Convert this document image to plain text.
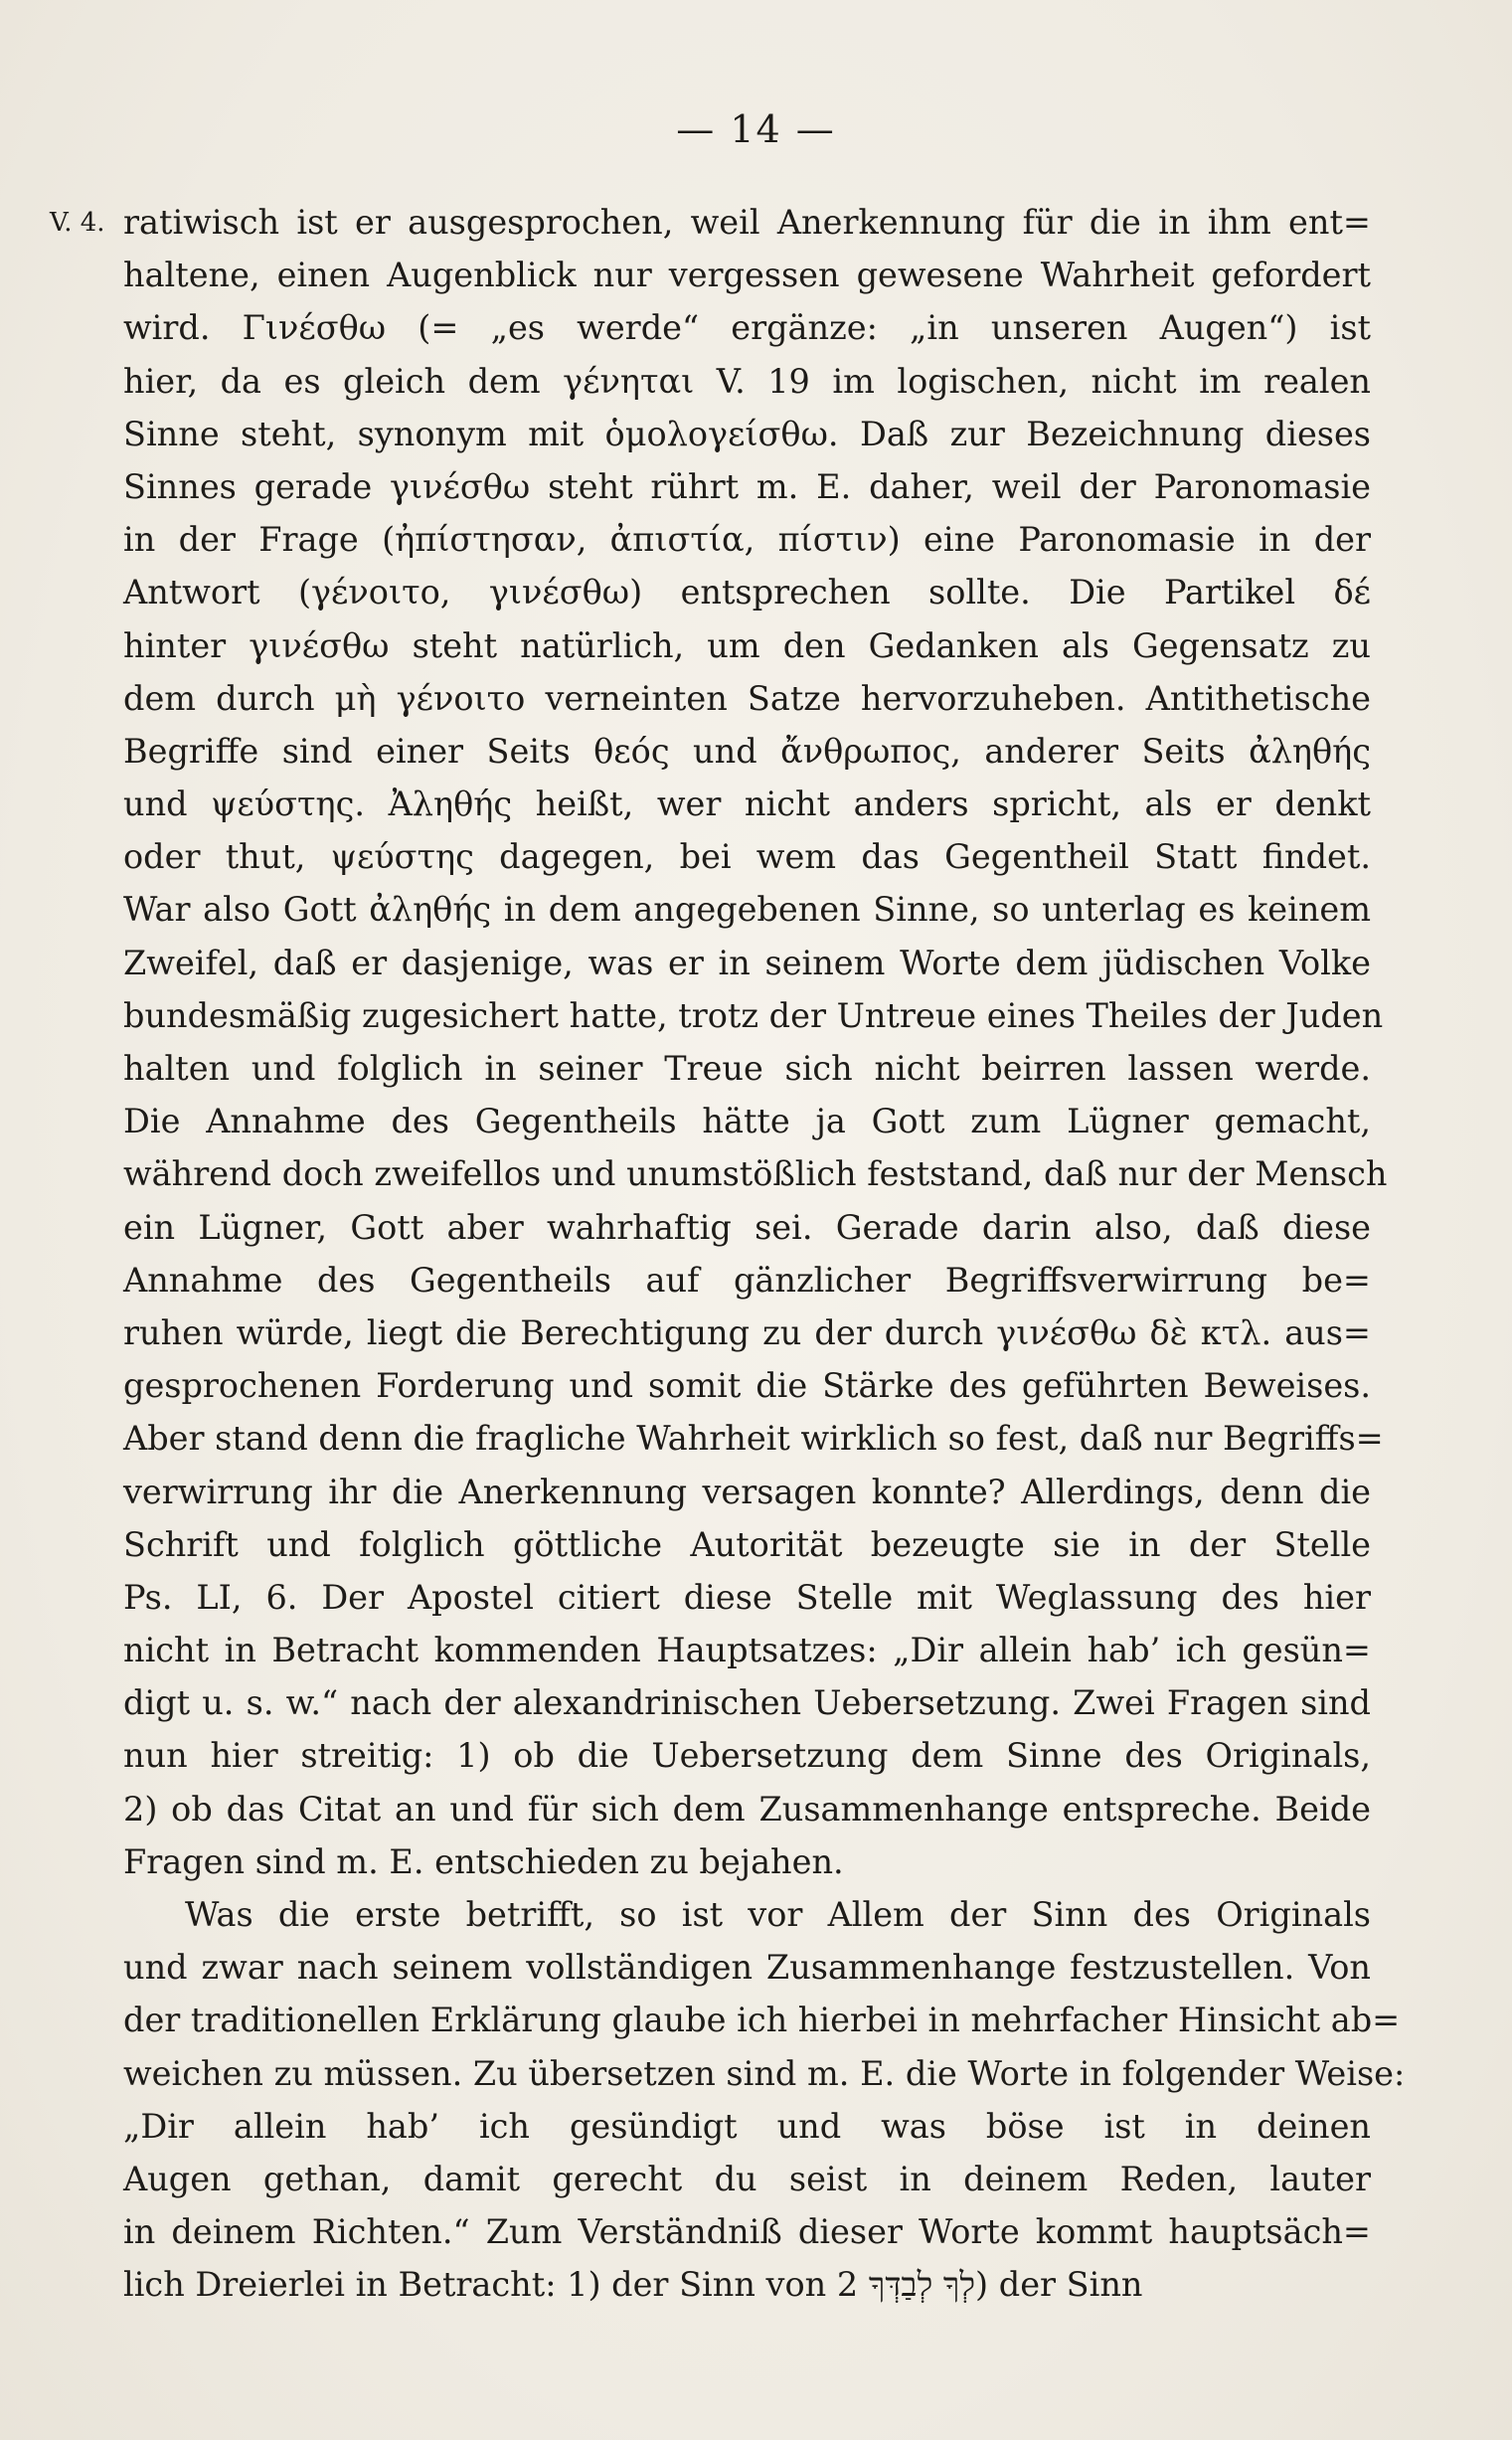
— 14 —
V. 4. ratiwisch ist er ausgesprochen, weil Anerkennung für die in ihm ent=
haltene, einen Augenblick nur vergessen gewesene Wahrheit gefordert
wird. Γινέσθω (= „es werde“ ergänze: „in unseren Augen“) ist
hier, da es gleich dem γένηται V. 19 im logischen, nicht im realen
Sinne steht, synonym mit ὁμολογείσθω. Daß zur Bezeichnung dieses
Sinnes gerade γινέσθω steht rührt m. E. daher, weil der Paronomasie
in der Frage (ἠπίστησαν, ἀπιστία, πίστιν) eine Paronomasie in der
Antwort (γένοιτο, γινέσθω) entsprechen sollte. Die Partikel δέ
hinter γινέσθω steht natürlich, um den Gedanken als Gegensatz zu
dem durch μὴ γένοιτο verneinten Satze hervorzuheben. Antithetische
Begriffe sind einer Seits θεός und ἄνθρωπος, anderer Seits ἀληθής
und ψεύστης. Ἀληθής heißt, wer nicht anders spricht, als er denkt
oder thut, ψεύστης dagegen, bei wem das Gegentheil Statt findet.
War also Gott ἀληθής in dem angegebenen Sinne, so unterlag es keinem
Zweifel, daß er dasjenige, was er in seinem Worte dem jüdischen Volke
bundesmäßig zugesichert hatte, trotz der Untreue eines Theiles der Juden
halten und folglich in seiner Treue sich nicht beirren lassen werde.
Die Annahme des Gegentheils hätte ja Gott zum Lügner gemacht,
während doch zweifellos und unumstößlich feststand, daß nur der Mensch
ein Lügner, Gott aber wahrhaftig sei. Gerade darin also, daß diese
Annahme des Gegentheils auf gänzlicher Begriffsverwirrung be=
ruhen würde, liegt die Berechtigung zu der durch γινέσθω δὲ κτλ. aus=
gesprochenen Forderung und somit die Stärke des geführten Beweises.
Aber stand denn die fragliche Wahrheit wirklich so fest, daß nur Begriffs=
verwirrung ihr die Anerkennung versagen konnte? Allerdings, denn die
Schrift und folglich göttliche Autorität bezeugte sie in der Stelle
Ps. LI, 6. Der Apostel citiert diese Stelle mit Weglassung des hier
nicht in Betracht kommenden Hauptsatzes: „Dir allein hab’ ich gesün=
digt u. s. w.“ nach der alexandrinischen Uebersetzung. Zwei Fragen sind
nun hier streitig: 1) ob die Uebersetzung dem Sinne des Originals,
2) ob das Citat an und für sich dem Zusammenhange entspreche. Beide
Fragen sind m. E. entschieden zu bejahen.
Was die erste betrifft, so ist vor Allem der Sinn des Originals
und zwar nach seinem vollständigen Zusammenhange festzustellen. Von
der traditionellen Erklärung glaube ich hierbei in mehrfacher Hinsicht ab=
weichen zu müssen. Zu übersetzen sind m. E. die Worte in folgender Weise:
„Dir allein hab’ ich gesündigt und was böse ist in deinen
Augen gethan, damit gerecht du seist in deinem Reden, lauter
in deinem Richten.“ Zum Verständniß dieser Worte kommt hauptsäch=
lich Dreierlei in Betracht: 1) der Sinn von לְךָ לְבַדְּךָ 2) der Sinn
